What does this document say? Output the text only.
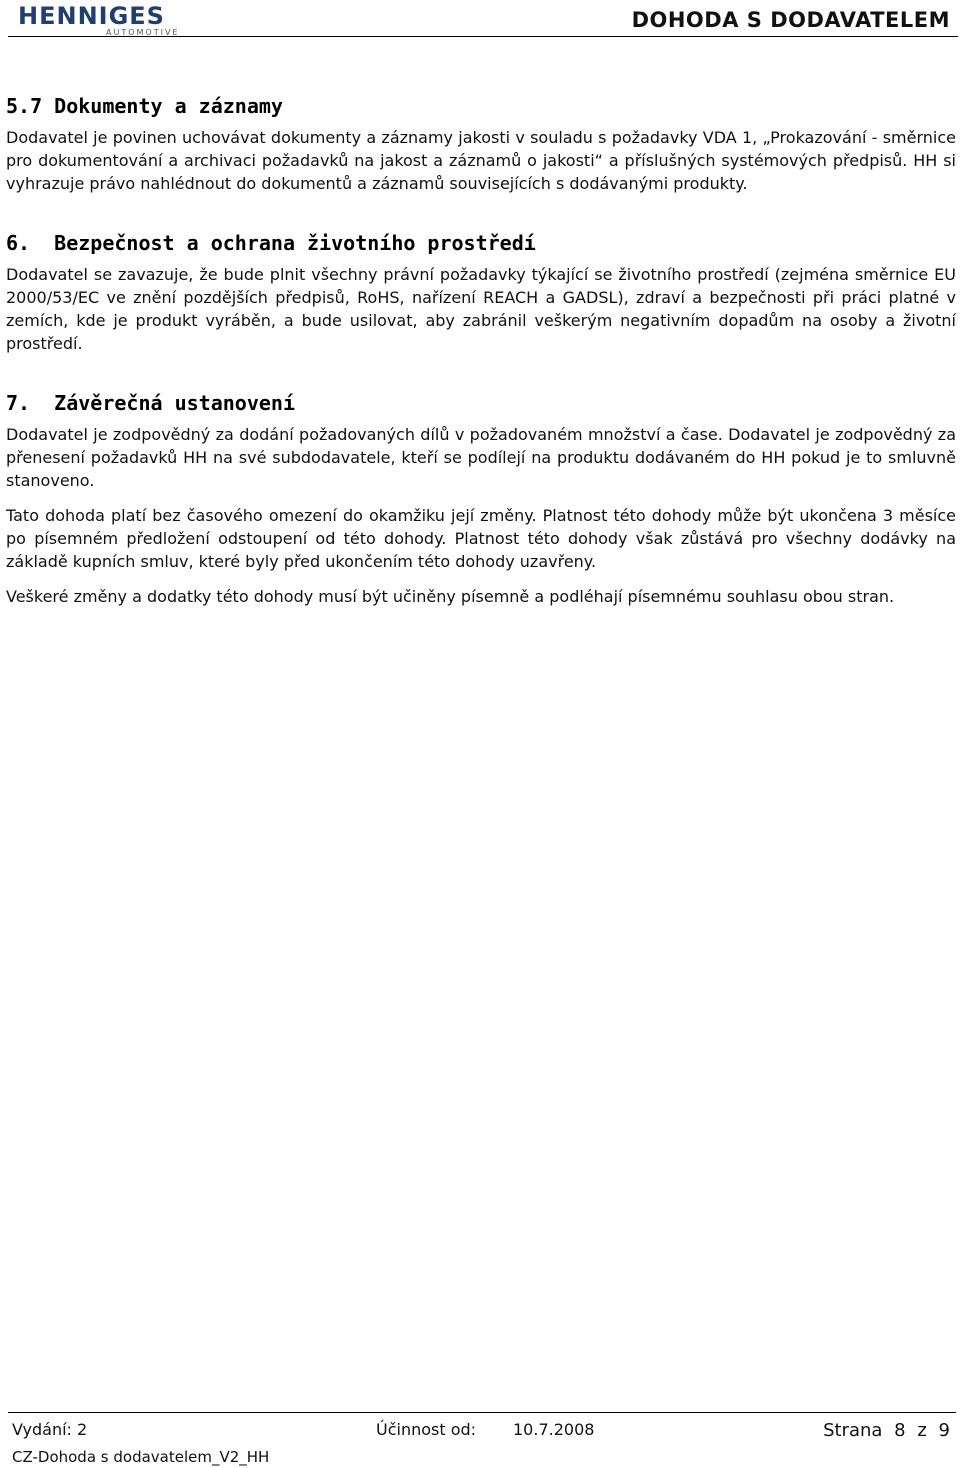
HENNIGES
AUTOMOTIVE
DOHODA S DODAVATELEM
5.7 Dokumenty a záznamy

Dodavatel je povinen uchovávat dokumenty a záznamy jakosti v souladu s požadavky VDA 1, „Prokazování - směrnice pro dokumentování a archivaci požadavků na jakost a záznamů o jakosti“ a příslušných systémových předpisů. HH si vyhrazuje právo nahlédnout do dokumentů a záznamů souvisejících s dodávanými produkty.

6.  Bezpečnost a ochrana životního prostředí

Dodavatel se zavazuje, že bude plnit všechny právní požadavky týkající se životního prostředí (zejména směrnice EU 2000/53/EC ve znění pozdějších předpisů, RoHS, nařízení REACH a GADSL), zdraví a bezpečnosti při práci platné v zemích, kde je produkt vyráběn, a bude usilovat, aby zabránil veškerým negativním dopadům na osoby a životní prostředí.

7.  Závěrečná ustanovení

Dodavatel je zodpovědný za dodání požadovaných dílů v požadovaném množství a čase. Dodavatel je zodpovědný za přenesení požadavků HH na své subdodavatele, kteří se podílejí na produktu dodávaném do HH pokud je to smluvně stanoveno.

Tato dohoda platí bez časového omezení do okamžiku její změny. Platnost této dohody může být ukončena 3 měsíce po písemném předložení odstoupení od této dohody. Platnost této dohody však zůstává pro všechny dodávky na základě kupních smluv, které byly před ukončením této dohody uzavřeny.

Veškeré změny a dodatky této dohody musí být učiněny písemně a podléhají písemnému souhlasu obou stran.

Vydání: 2	Účinnost od: 10.7.2008	Strana 8 z 9
CZ-Dohoda s dodavatelem_V2_HH
